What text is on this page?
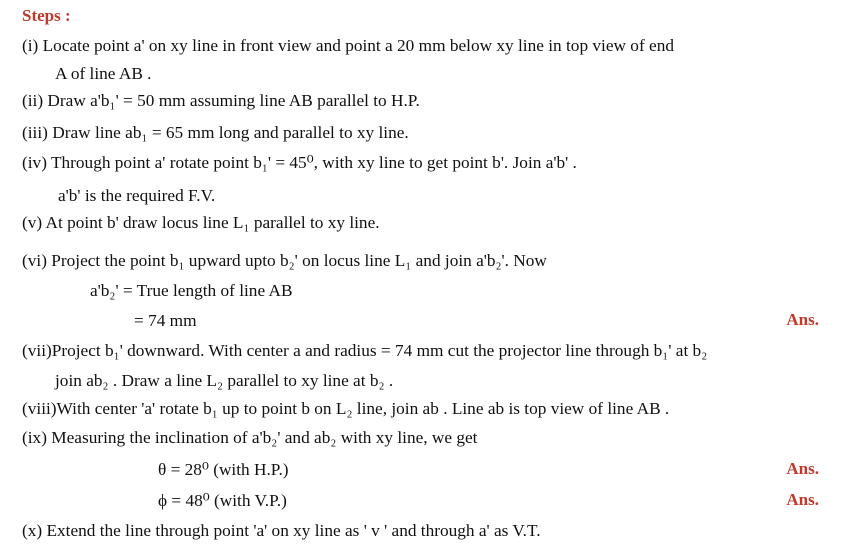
Steps :
(i) Locate point a' on xy line in front view and point a 20 mm below xy line in top view of end
A of line AB .
(ii) Draw a'b₁' = 50 mm assuming line AB parallel to H.P.
(iii) Draw line ab₁ = 65 mm long and parallel to xy line.
(iv) Through point a' rotate point b₁' = 45⁰, with xy line to get point b'. Join a'b' .
a'b' is the required F.V.
(v) At point b' draw locus line L₁ parallel to xy line.
(vi) Project the point b₁ upward upto b₂' on locus line L₁ and join a'b₂'. Now
a'b₂' = True length of line AB
= 74 mm	Ans.
(vii)Project b₁' downward. With center a and radius = 74 mm cut the projector line through b₁' at b₂
join ab₂ . Draw a line L₂ parallel to xy line at b₂ .
(viii)With center 'a' rotate b₁ up to point b on L₂ line, join ab . Line ab is top view of line AB .
(ix) Measuring the inclination of a'b₂' and ab₂ with xy line, we get
θ = 28⁰ (with H.P.)	Ans.
ϕ = 48⁰ (with V.P.)	Ans.
(x) Extend the line through point 'a' on xy line as ' v ' and through a' as V.T.
